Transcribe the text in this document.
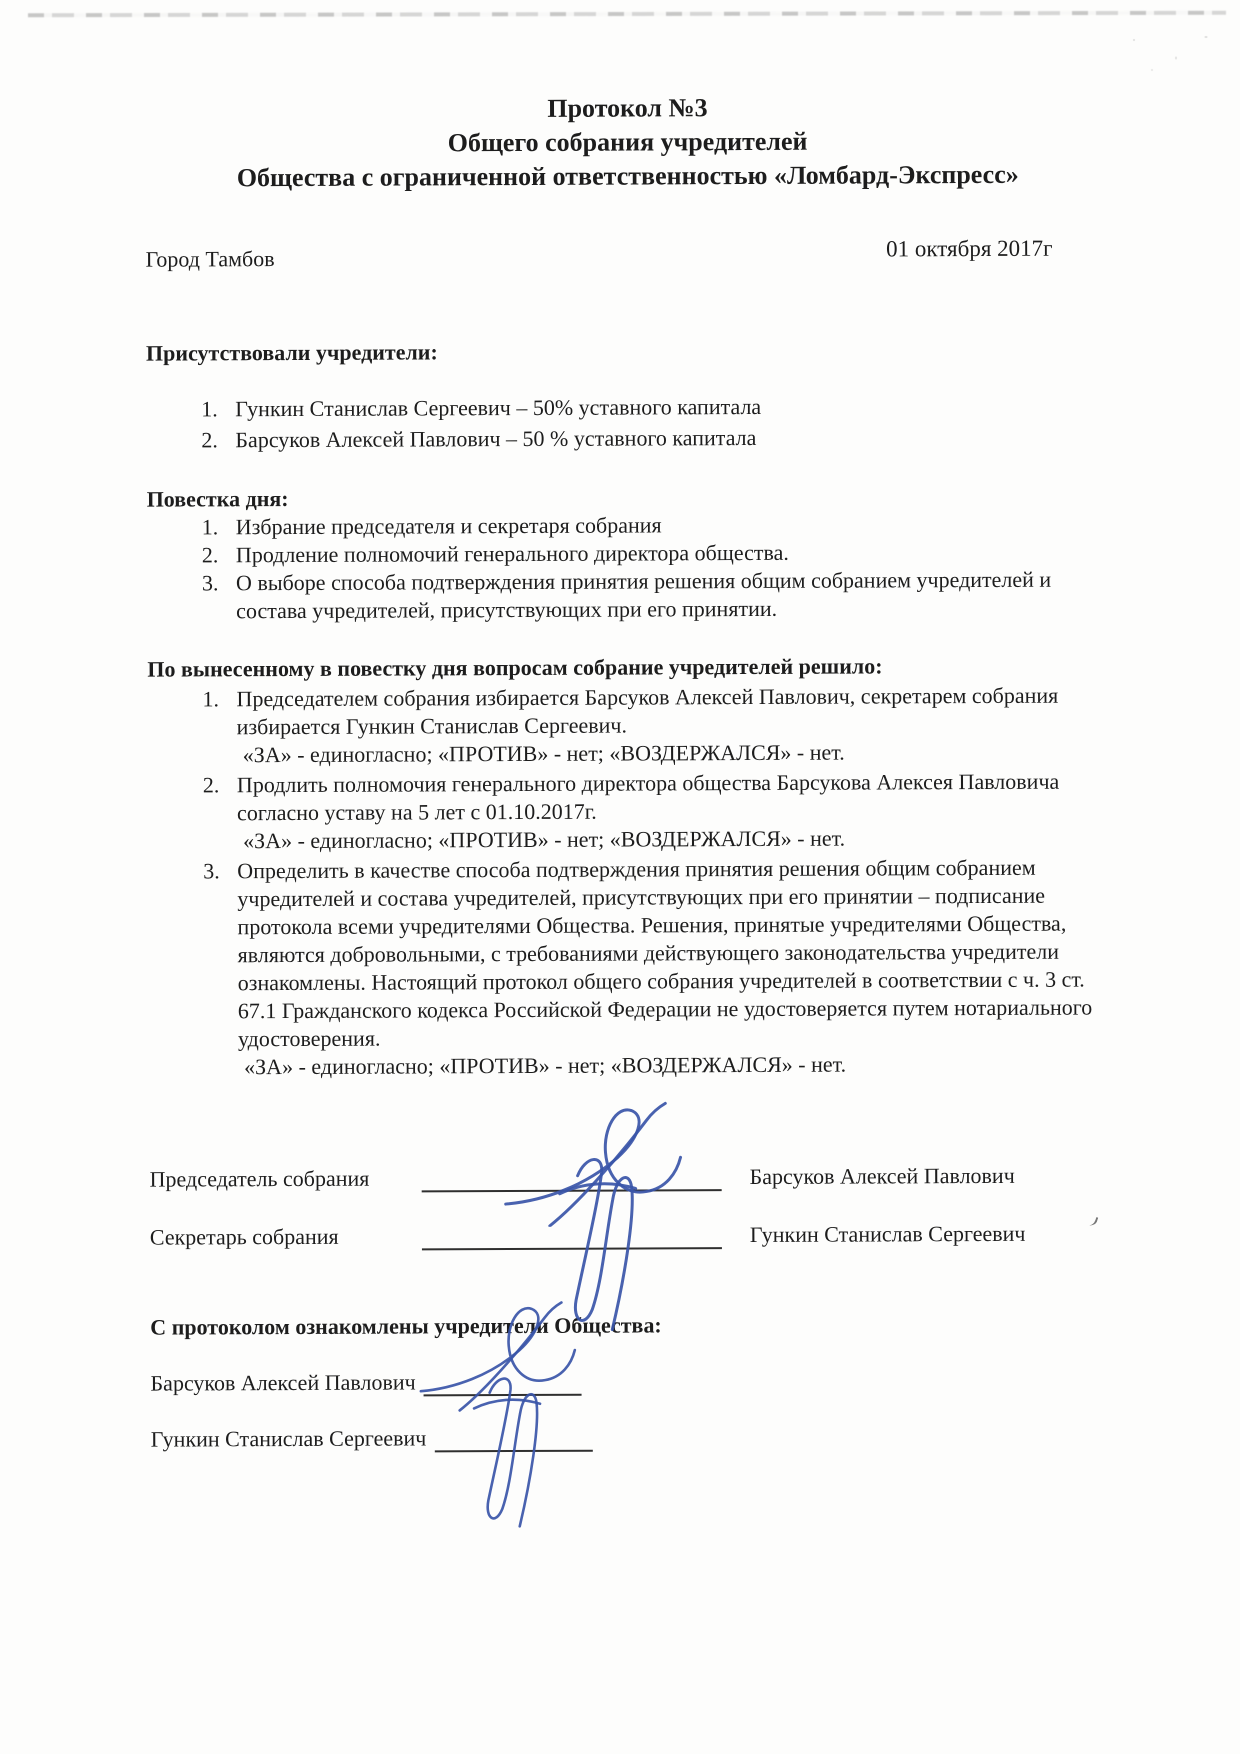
Протокол №3
Общего собрания учредителей
Общества с ограниченной ответственностью «Ломбард-Экспресс»
Город Тамбов	01 октября 2017г
Присутствовали учредители:
1. Гункин Станислав Сергеевич – 50% уставного капитала
2. Барсуков Алексей Павлович – 50 % уставного капитала
Повестка дня:
1. Избрание председателя и секретаря собрания
2. Продление полномочий генерального директора общества.
3. О выборе способа подтверждения принятия решения общим собранием учредителей и состава учредителей, присутствующих при его принятии.
По вынесенному в повестку дня вопросам собрание учредителей решило:
1. Председателем собрания избирается Барсуков Алексей Павлович, секретарем собрания избирается Гункин Станислав Сергеевич.
«ЗА» - единогласно; «ПРОТИВ» - нет; «ВОЗДЕРЖАЛСЯ» - нет.
2. Продлить полномочия генерального директора общества Барсукова Алексея Павловича согласно уставу на 5 лет с 01.10.2017г.
«ЗА» - единогласно; «ПРОТИВ» - нет; «ВОЗДЕРЖАЛСЯ» - нет.
3. Определить в качестве способа подтверждения принятия решения общим собранием учредителей и состава учредителей, присутствующих при его принятии – подписание протокола всеми учредителями Общества. Решения, принятые учредителями Общества, являются добровольными, с требованиями действующего законодательства учредители ознакомлены. Настоящий протокол общего собрания учредителей в соответствии с ч. 3 ст. 67.1 Гражданского кодекса Российской Федерации не удостоверяется путем нотариального удостоверения.
«ЗА» - единогласно; «ПРОТИВ» - нет; «ВОЗДЕРЖАЛСЯ» - нет.
Председатель собрания	Барсуков Алексей Павлович
Секретарь собрания	Гункин Станислав Сергеевич
С протоколом ознакомлены учредители Общества:
Барсуков Алексей Павлович
Гункин Станислав Сергеевич
